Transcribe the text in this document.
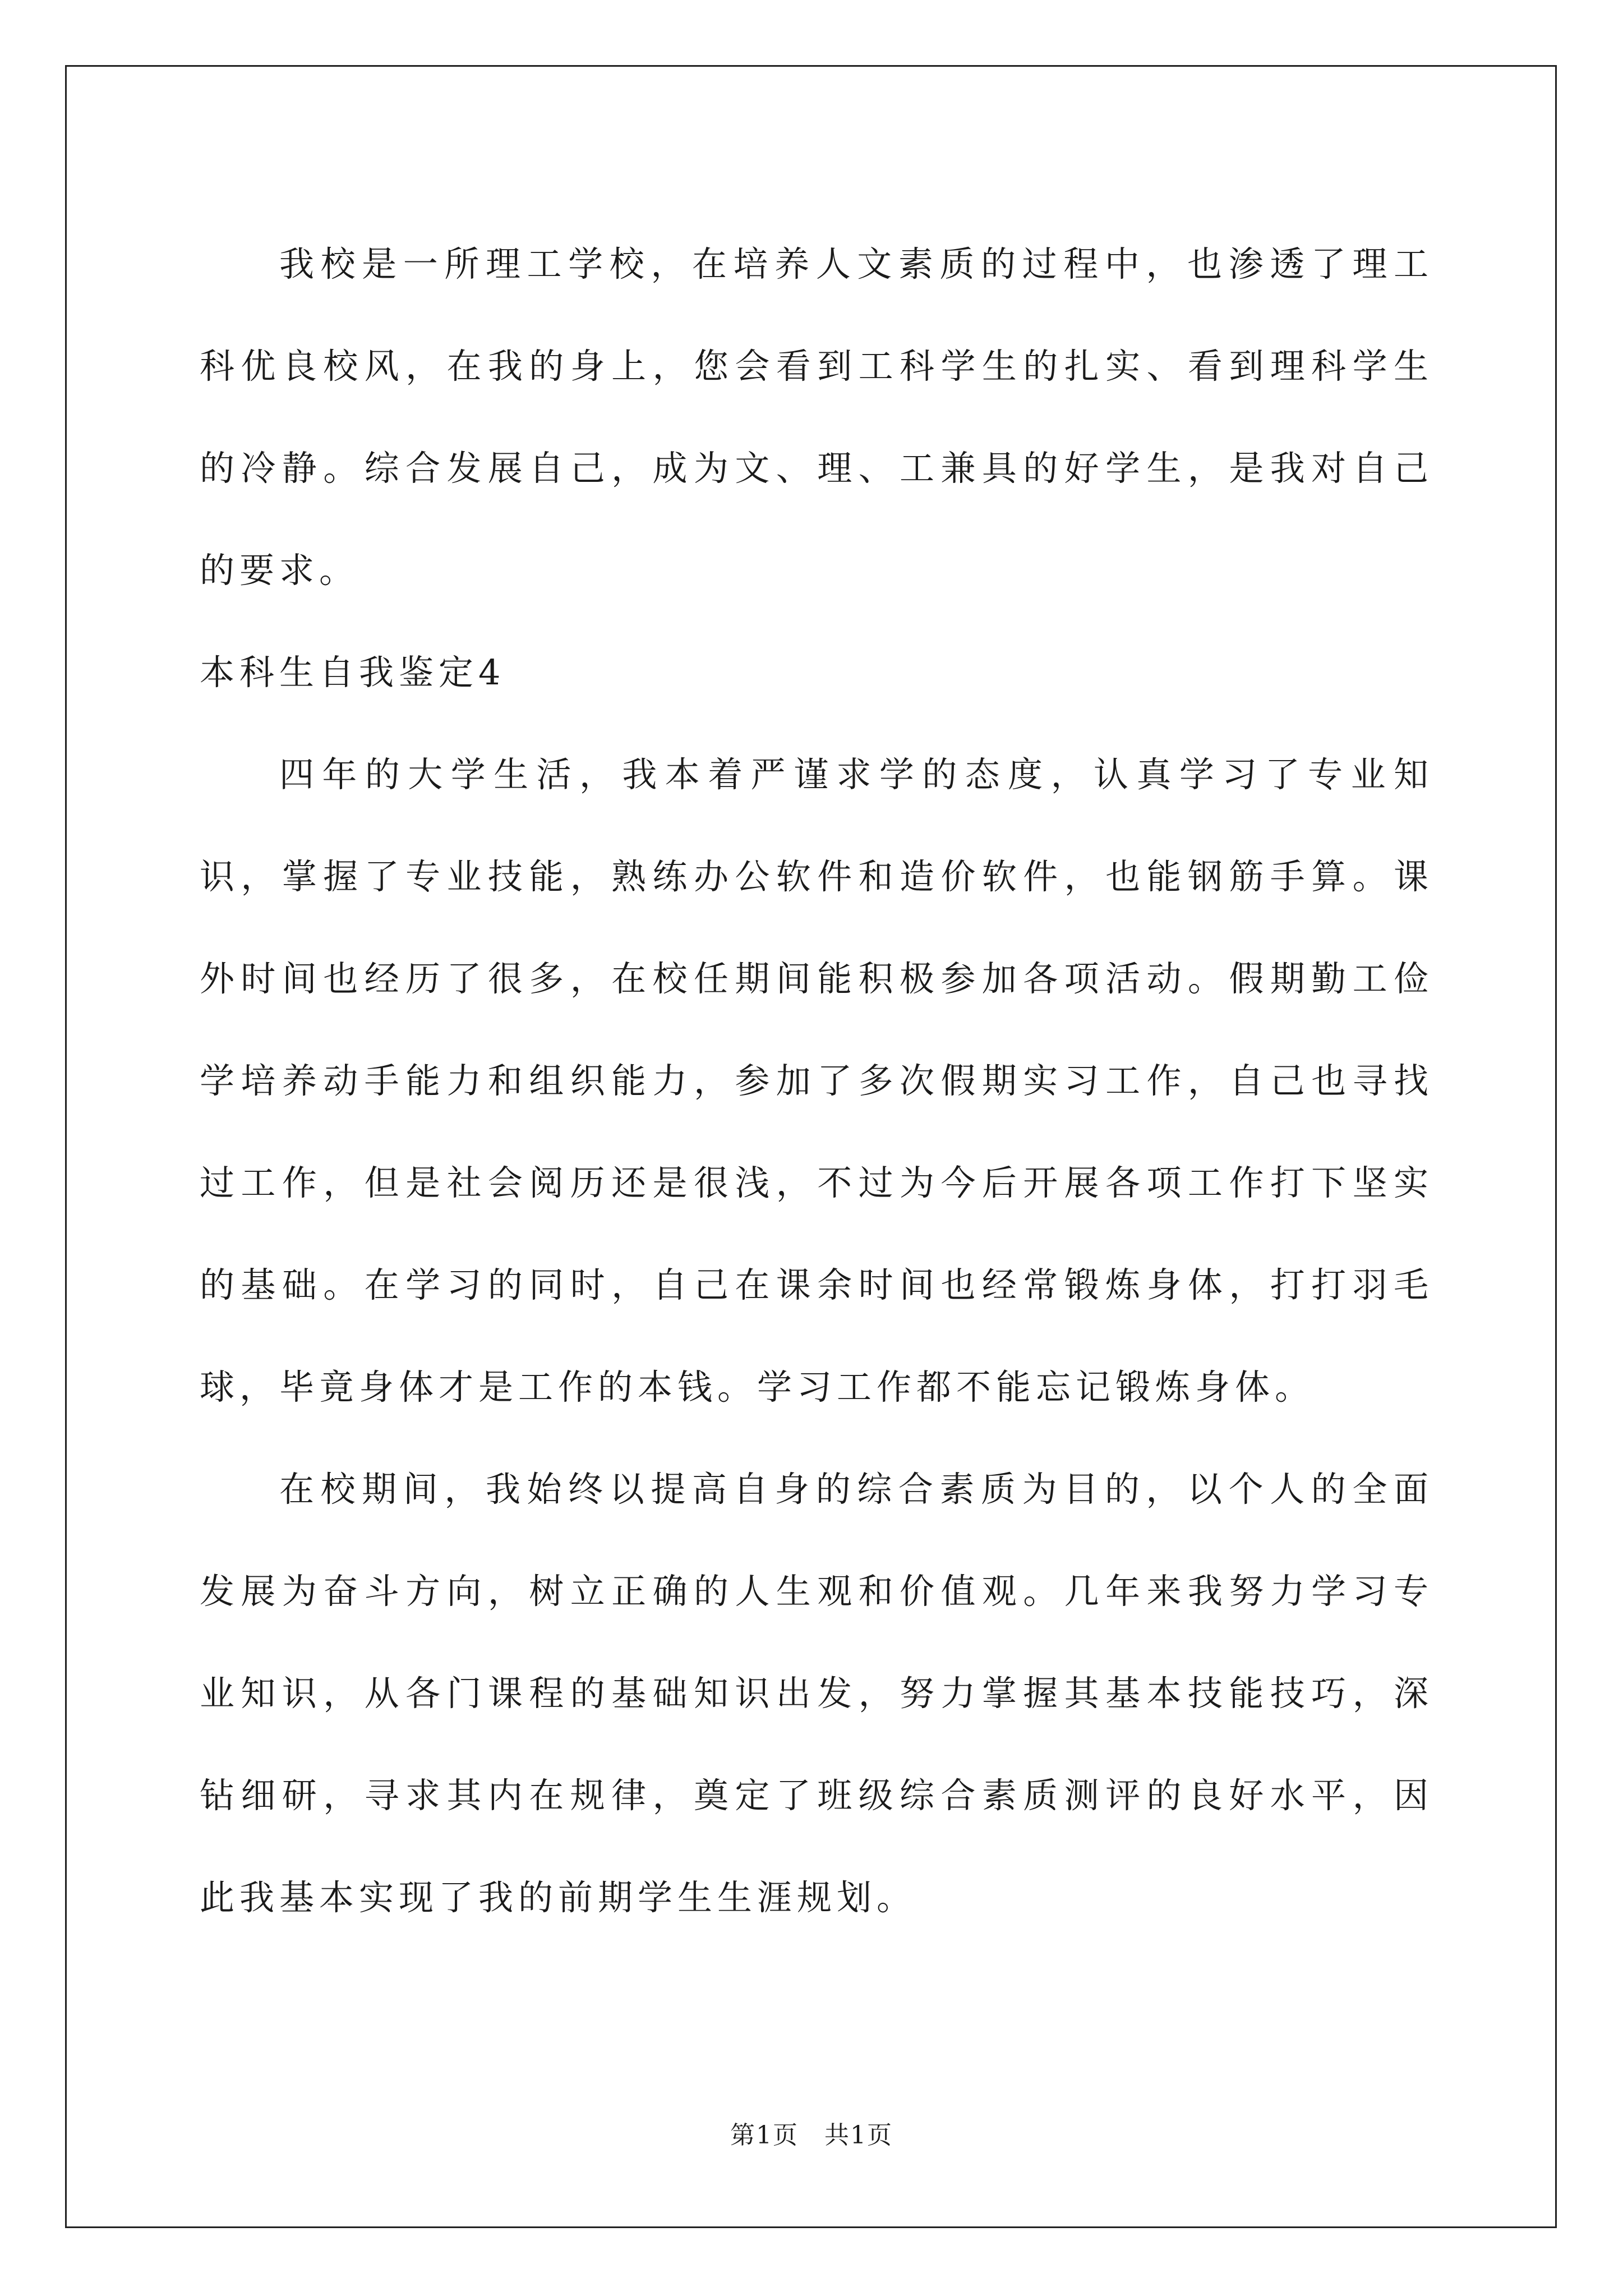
我校是一所理工学校，在培养人文素质的过程中，也渗透了理工科优良校风，在我的身上，您会看到工科学生的扎实、看到理科学生的冷静。综合发展自己，成为文、理、工兼具的好学生，是我对自己的要求。

本科生自我鉴定4

四年的大学生活，我本着严谨求学的态度，认真学习了专业知识，掌握了专业技能，熟练办公软件和造价软件，也能钢筋手算。课外时间也经历了很多，在校任期间能积极参加各项活动。假期勤工俭学培养动手能力和组织能力，参加了多次假期实习工作，自己也寻找过工作，但是社会阅历还是很浅，不过为今后开展各项工作打下坚实的基础。在学习的同时，自己在课余时间也经常锻炼身体，打打羽毛球，毕竟身体才是工作的本钱。学习工作都不能忘记锻炼身体。

在校期间，我始终以提高自身的综合素质为目的，以个人的全面发展为奋斗方向，树立正确的人生观和价值观。几年来我努力学习专业知识，从各门课程的基础知识出发，努力掌握其基本技能技巧，深钻细研，寻求其内在规律，奠定了班级综合素质测评的良好水平，因此我基本实现了我的前期学生生涯规划。

第1页 共1页
